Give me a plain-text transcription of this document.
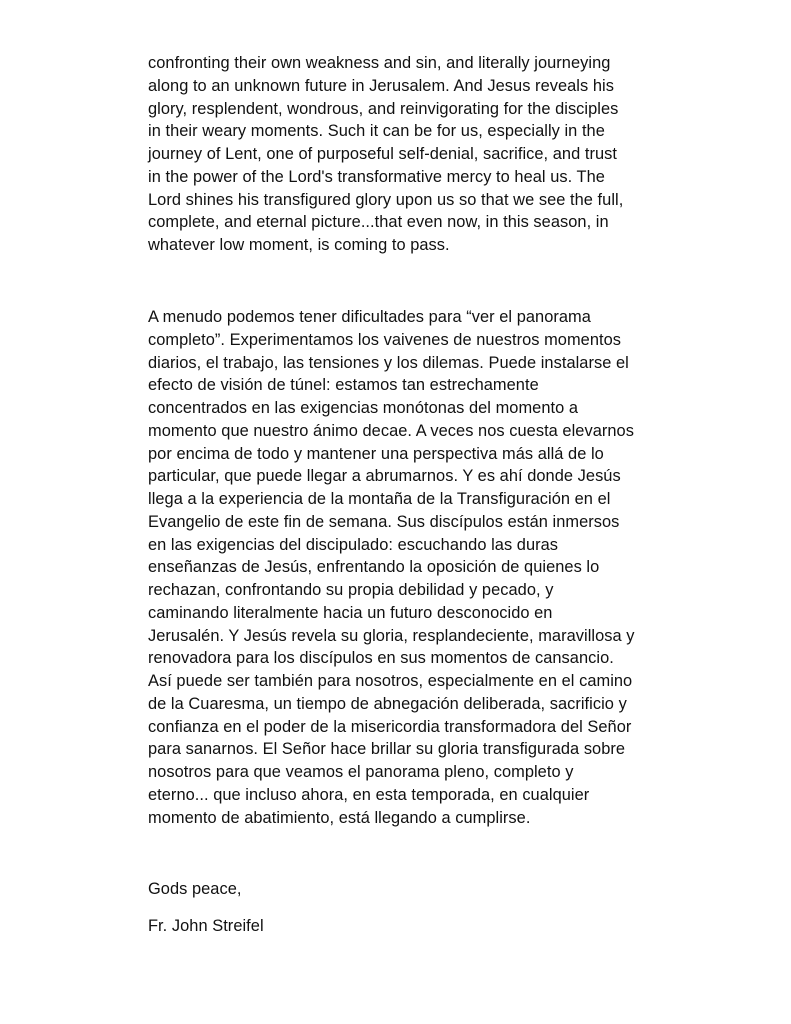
confronting their own weakness and sin, and literally journeying
along to an unknown future in Jerusalem. And Jesus reveals his
glory, resplendent, wondrous, and reinvigorating for the disciples
in their weary moments. Such it can be for us, especially in the
journey of Lent, one of purposeful self-denial, sacrifice, and trust
in the power of the Lord's transformative mercy to heal us. The
Lord shines his transfigured glory upon us so that we see the full,
complete, and eternal picture...that even now, in this season, in
whatever low moment, is coming to pass.
A menudo podemos tener dificultades para “ver el panorama
completo”. Experimentamos los vaivenes de nuestros momentos
diarios, el trabajo, las tensiones y los dilemas. Puede instalarse el
efecto de visión de túnel: estamos tan estrechamente
concentrados en las exigencias monótonas del momento a
momento que nuestro ánimo decae. A veces nos cuesta elevarnos
por encima de todo y mantener una perspectiva más allá de lo
particular, que puede llegar a abrumarnos. Y es ahí donde Jesús
llega a la experiencia de la montaña de la Transfiguración en el
Evangelio de este fin de semana. Sus discípulos están inmersos
en las exigencias del discipulado: escuchando las duras
enseñanzas de Jesús, enfrentando la oposición de quienes lo
rechazan, confrontando su propia debilidad y pecado, y
caminando literalmente hacia un futuro desconocido en
Jerusalén. Y Jesús revela su gloria, resplandeciente, maravillosa y
renovadora para los discípulos en sus momentos de cansancio.
Así puede ser también para nosotros, especialmente en el camino
de la Cuaresma, un tiempo de abnegación deliberada, sacrificio y
confianza en el poder de la misericordia transformadora del Señor
para sanarnos. El Señor hace brillar su gloria transfigurada sobre
nosotros para que veamos el panorama pleno, completo y
eterno... que incluso ahora, en esta temporada, en cualquier
momento de abatimiento, está llegando a cumplirse.
Gods peace,
Fr. John Streifel
